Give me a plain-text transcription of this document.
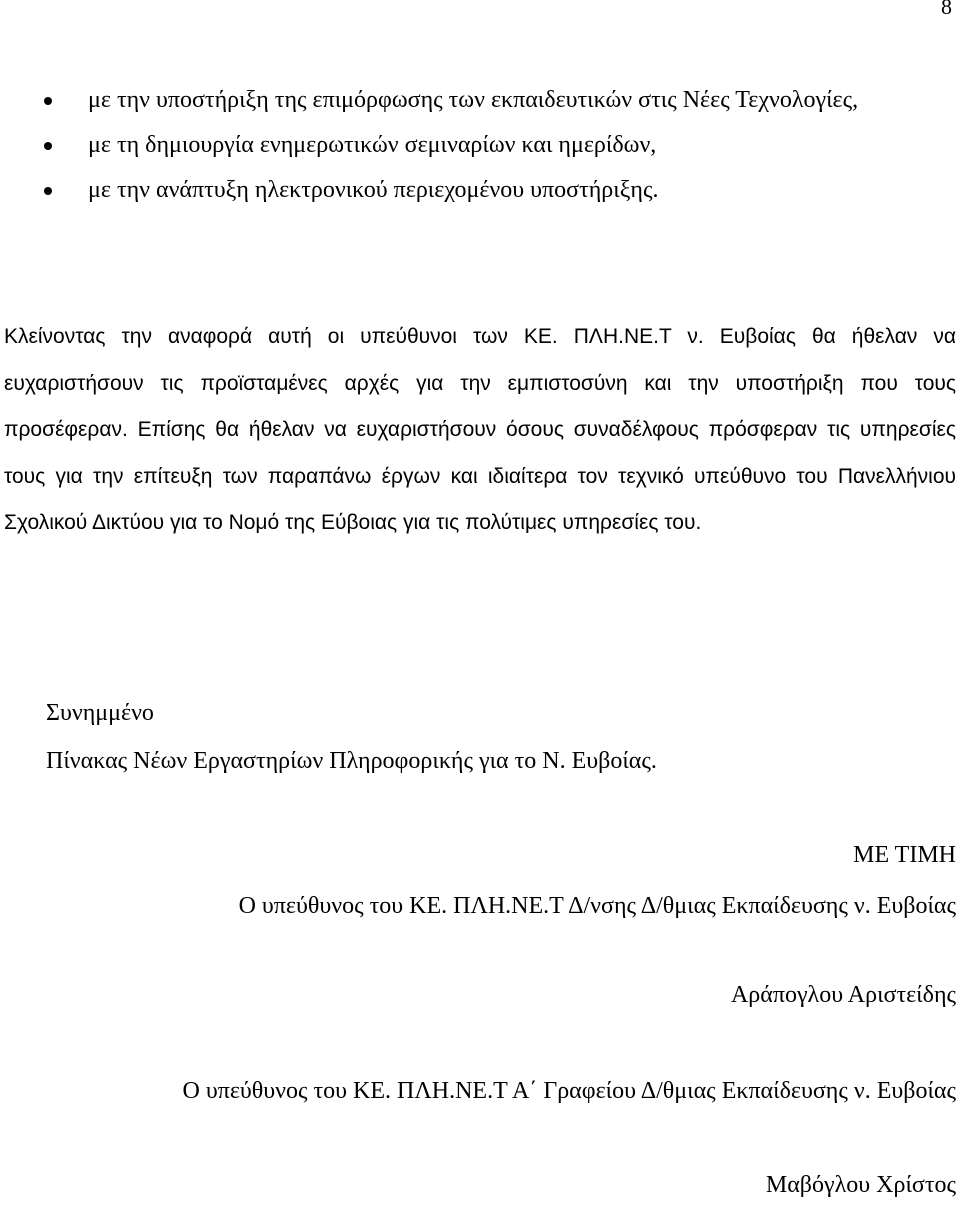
8
με την υποστήριξη της επιμόρφωσης των εκπαιδευτικών στις Νέες Τεχνολογίες,
με τη δημιουργία ενημερωτικών σεμιναρίων και ημερίδων,
με την ανάπτυξη ηλεκτρονικού περιεχομένου υποστήριξης.

Κλείνοντας την αναφορά αυτή οι υπεύθυνοι των ΚΕ. ΠΛΗ.ΝΕ.Τ ν. Ευβοίας θα ήθελαν να ευχαριστήσουν τις προϊσταμένες αρχές για την εμπιστοσύνη και την υποστήριξη που τους προσέφεραν. Επίσης θα ήθελαν να ευχαριστήσουν όσους συναδέλφους πρόσφεραν τις υπηρεσίες τους για την επίτευξη των παραπάνω έργων και ιδιαίτερα τον τεχνικό υπεύθυνο του Πανελλήνιου Σχολικού Δικτύου για το Νομό της Εύβοιας για τις πολύτιμες υπηρεσίες του.

Συνημμένο
Πίνακας Νέων Εργαστηρίων Πληροφορικής για το Ν. Ευβοίας.
ΜΕ ΤΙΜΗ
Ο υπεύθυνος του ΚΕ. ΠΛΗ.ΝΕ.Τ Δ/νσης Δ/θμιας Εκπαίδευσης ν. Ευβοίας
Αράπογλου Αριστείδης
Ο υπεύθυνος του ΚΕ. ΠΛΗ.ΝΕ.Τ Α΄ Γραφείου Δ/θμιας Εκπαίδευσης ν. Ευβοίας
Μαβόγλου Χρίστος
